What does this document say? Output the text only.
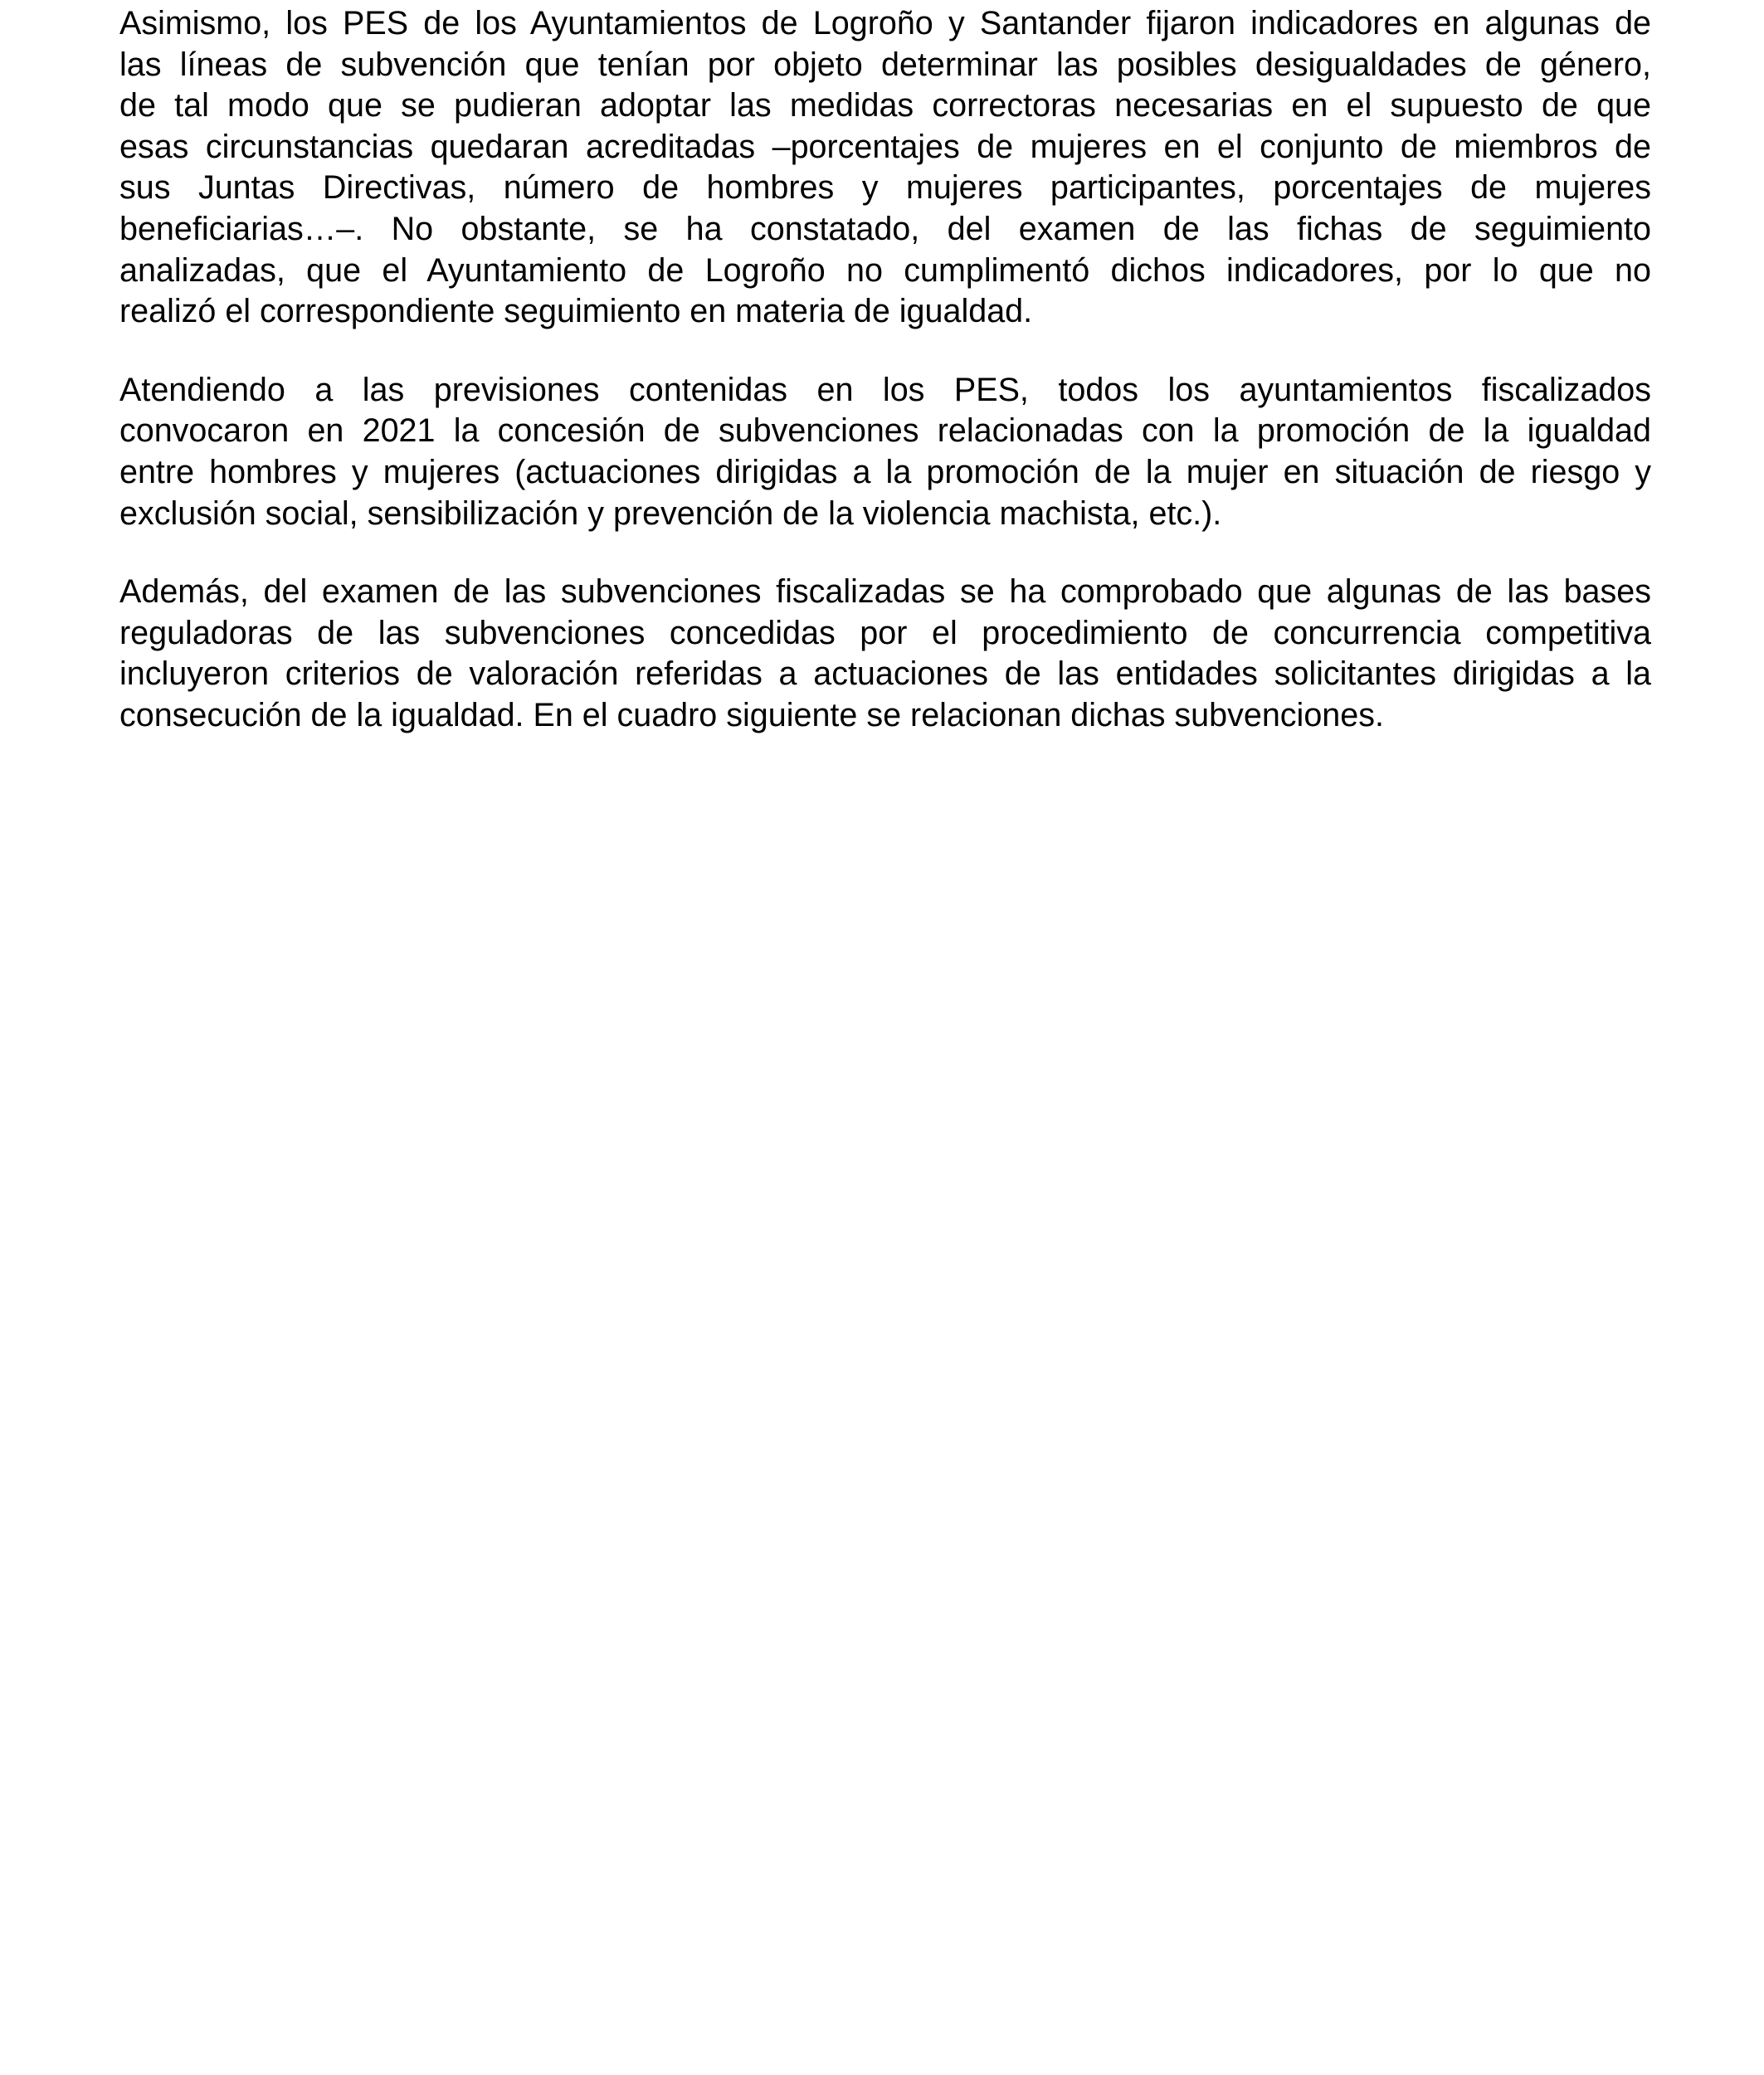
Asimismo, los PES de los Ayuntamientos de Logroño y Santander fijaron indicadores en algunas de
las líneas de subvención que tenían por objeto determinar las posibles desigualdades de género,
de tal modo que se pudieran adoptar las medidas correctoras necesarias en el supuesto de que
esas circunstancias quedaran acreditadas –porcentajes de mujeres en el conjunto de miembros de
sus Juntas Directivas, número de hombres y mujeres participantes, porcentajes de mujeres
beneficiarias…–. No obstante, se ha constatado, del examen de las fichas de seguimiento
analizadas, que el Ayuntamiento de Logroño no cumplimentó dichos indicadores, por lo que no
realizó el correspondiente seguimiento en materia de igualdad.
Atendiendo a las previsiones contenidas en los PES, todos los ayuntamientos fiscalizados
convocaron en 2021 la concesión de subvenciones relacionadas con la promoción de la igualdad
entre hombres y mujeres (actuaciones dirigidas a la promoción de la mujer en situación de riesgo y
exclusión social, sensibilización y prevención de la violencia machista, etc.).
Además, del examen de las subvenciones fiscalizadas se ha comprobado que algunas de las bases
reguladoras de las subvenciones concedidas por el procedimiento de concurrencia competitiva
incluyeron criterios de valoración referidas a actuaciones de las entidades solicitantes dirigidas a la
consecución de la igualdad. En el cuadro siguiente se relacionan dichas subvenciones.
